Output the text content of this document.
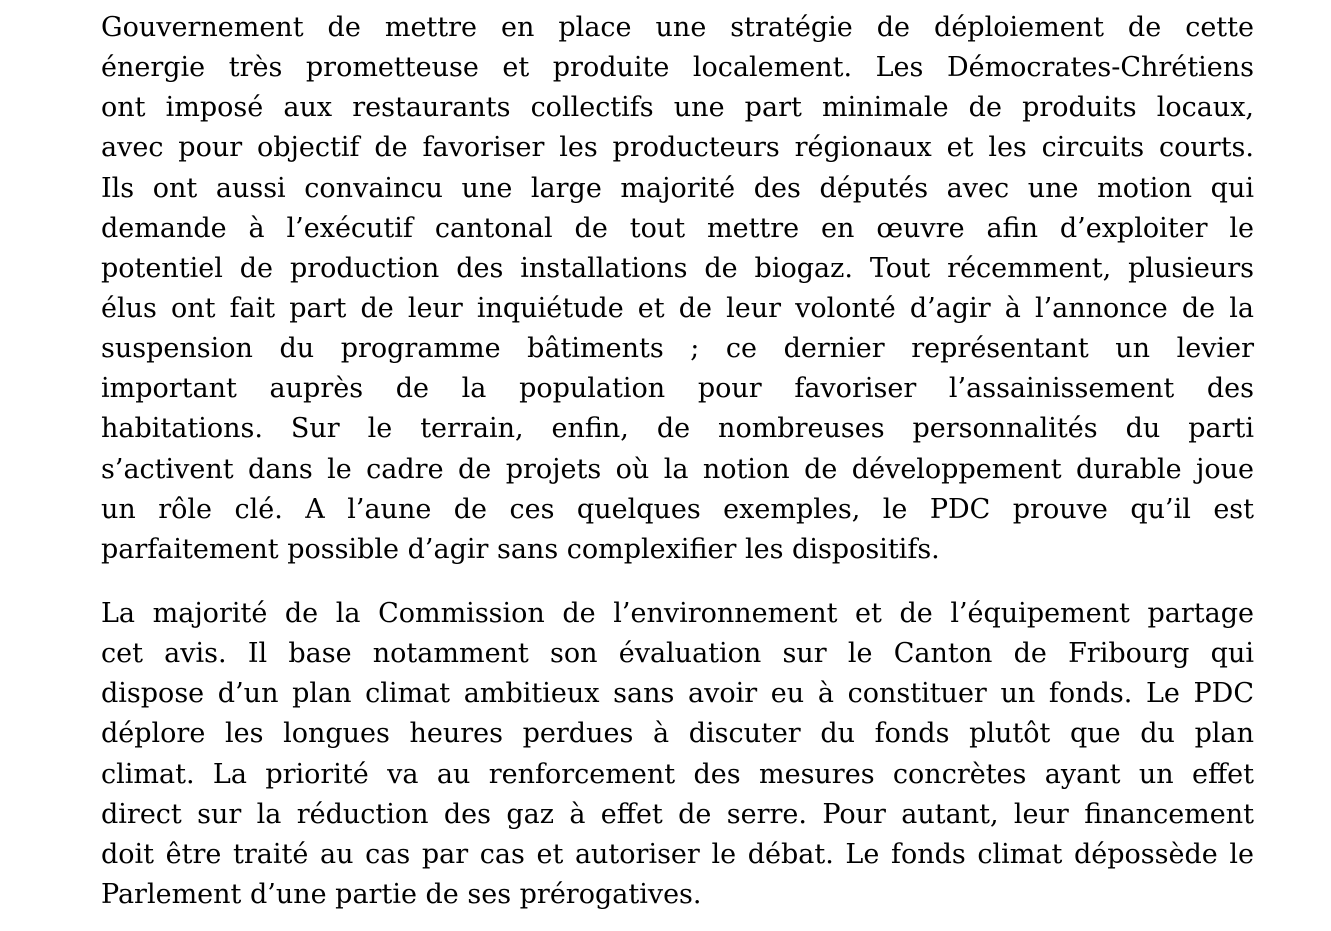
Gouvernement de mettre en place une stratégie de déploiement de cette
énergie très prometteuse et produite localement. Les Démocrates-Chrétiens
ont imposé aux restaurants collectifs une part minimale de produits locaux,
avec pour objectif de favoriser les producteurs régionaux et les circuits courts.
Ils ont aussi convaincu une large majorité des députés avec une motion qui
demande à l’exécutif cantonal de tout mettre en œuvre afin d’exploiter le
potentiel de production des installations de biogaz. Tout récemment, plusieurs
élus ont fait part de leur inquiétude et de leur volonté d’agir à l’annonce de la
suspension du programme bâtiments ; ce dernier représentant un levier
important auprès de la population pour favoriser l’assainissement des
habitations. Sur le terrain, enfin, de nombreuses personnalités du parti
s’activent dans le cadre de projets où la notion de développement durable joue
un rôle clé. A l’aune de ces quelques exemples, le PDC prouve qu’il est
parfaitement possible d’agir sans complexifier les dispositifs.
La majorité de la Commission de l’environnement et de l’équipement partage
cet avis. Il base notamment son évaluation sur le Canton de Fribourg qui
dispose d’un plan climat ambitieux sans avoir eu à constituer un fonds. Le PDC
déplore les longues heures perdues à discuter du fonds plutôt que du plan
climat. La priorité va au renforcement des mesures concrètes ayant un effet
direct sur la réduction des gaz à effet de serre. Pour autant, leur financement
doit être traité au cas par cas et autoriser le débat. Le fonds climat dépossède le
Parlement d’une partie de ses prérogatives.
